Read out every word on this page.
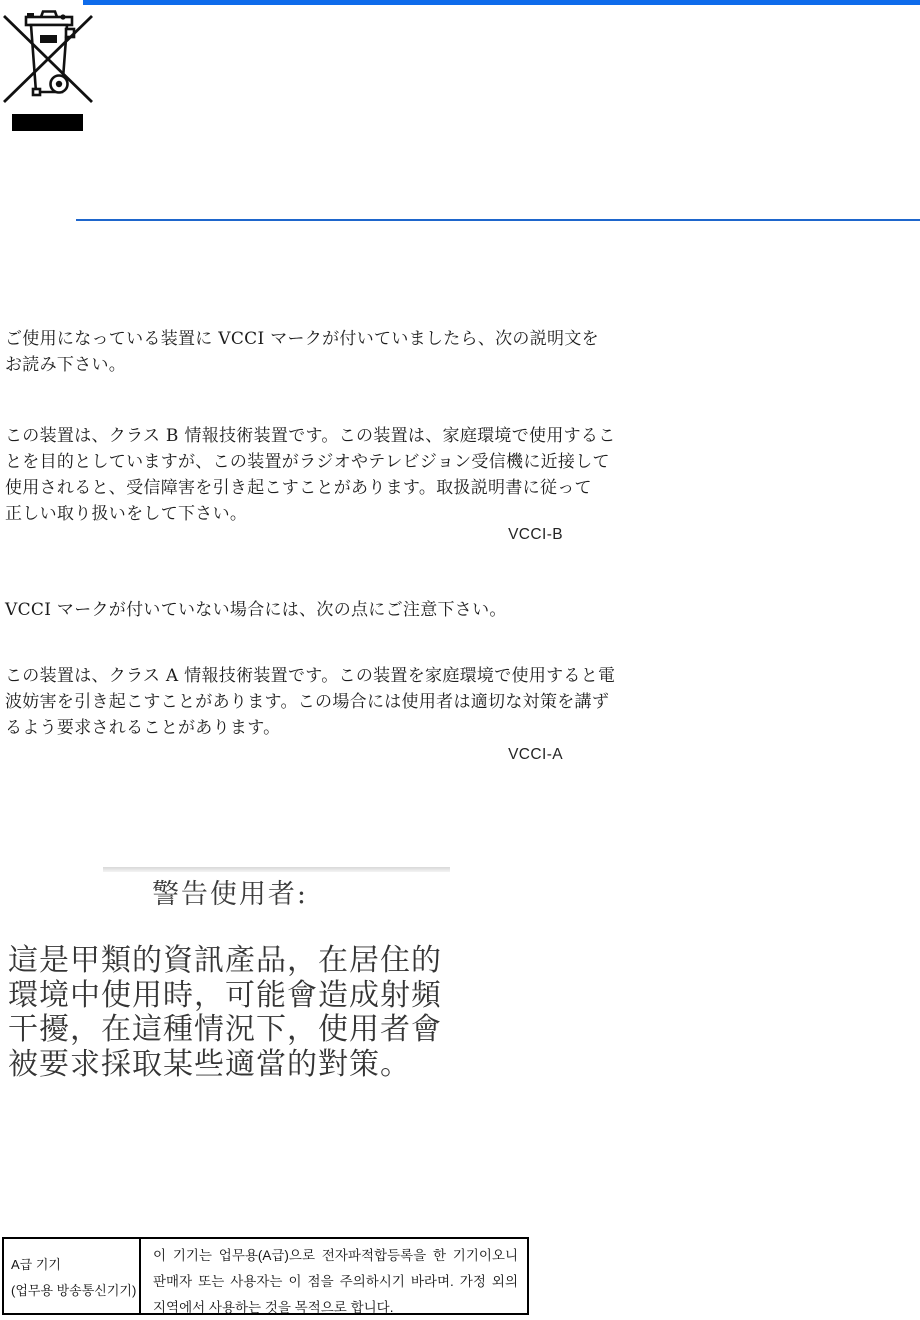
ご使用になっている装置に VCCI マークが付いていましたら、次の説明文を
お読み下さい。
この装置は、クラス B 情報技術装置です。この装置は、家庭環境で使用するこ
とを目的としていますが、この装置がラジオやテレビジョン受信機に近接して
使用されると、受信障害を引き起こすことがあります。取扱説明書に従って
正しい取り扱いをして下さい。
VCCI-B
VCCI マークが付いていない場合には、次の点にご注意下さい。
この装置は、クラス A 情報技術装置です。この装置を家庭環境で使用すると電
波妨害を引き起こすことがあります。この場合には使用者は適切な対策を講ず
るよう要求されることがあります。
VCCI-A
警告使用者:
這是甲類的資訊產品，在居住的
環境中使用時，可能會造成射頻
干擾，在這種情況下，使用者會
被要求採取某些適當的對策。
A급 기기
(업무용 방송통신기기)
이 기기는 업무용(A급)으로 전자파적합등록을 한 기기이오니
판매자 또는 사용자는 이 점을 주의하시기 바라며. 가정 외의
지역에서 사용하는 것을 목적으로 합니다.
